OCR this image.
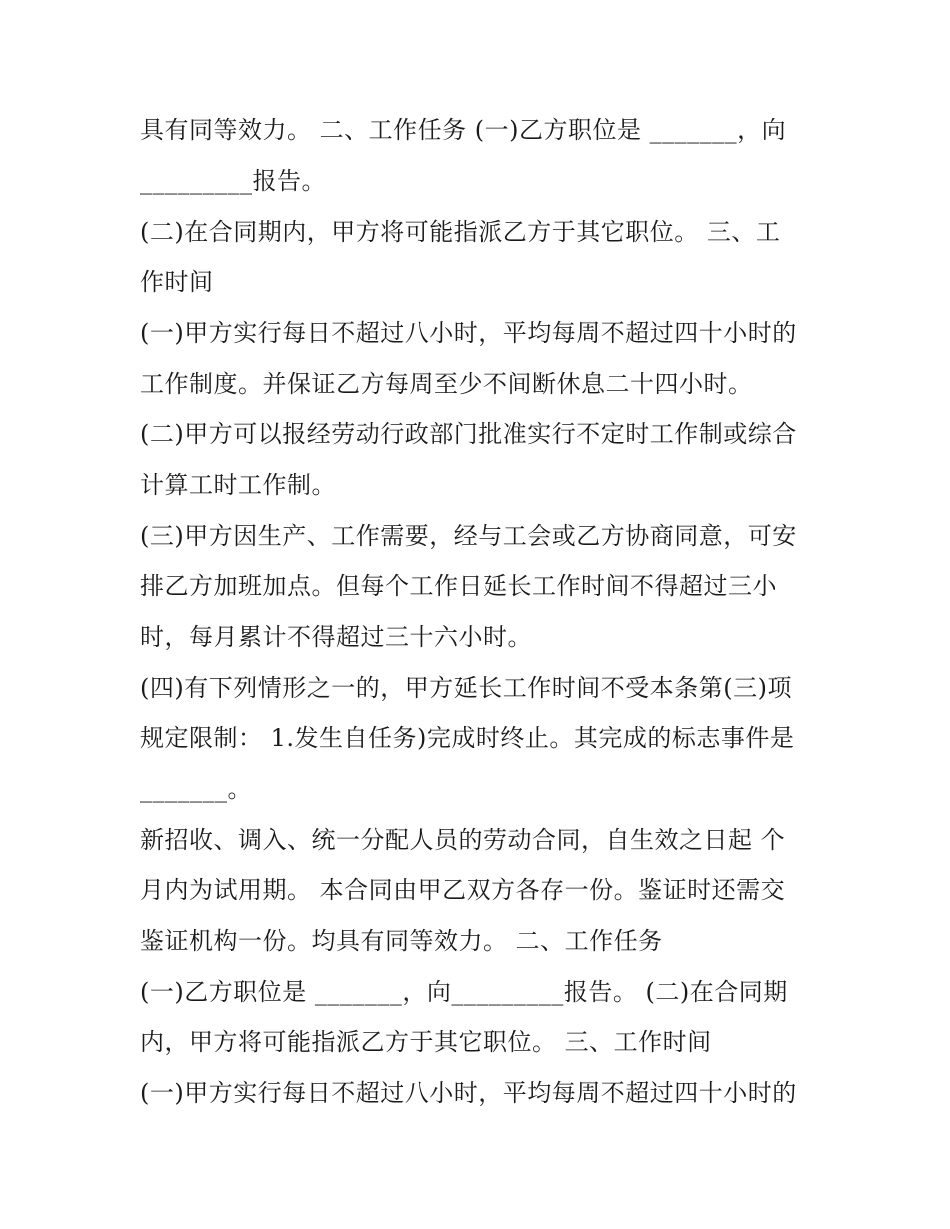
具有同等效力。 二、工作任务 (一)乙方职位是 _______，向
_________报告。
(二)在合同期内，甲方将可能指派乙方于其它职位。 三、工
作时间
(一)甲方实行每日不超过八小时，平均每周不超过四十小时的
工作制度。并保证乙方每周至少不间断休息二十四小时。
(二)甲方可以报经劳动行政部门批准实行不定时工作制或综合
计算工时工作制。
(三)甲方因生产、工作需要，经与工会或乙方协商同意，可安
排乙方加班加点。但每个工作日延长工作时间不得超过三小
时，每月累计不得超过三十六小时。
(四)有下列情形之一的，甲方延长工作时间不受本条第(三)项
规定限制： 1.发生自任务)完成时终止。其完成的标志事件是
_______。
新招收、调入、统一分配人员的劳动合同，自生效之日起 个
月内为试用期。 本合同由甲乙双方各存一份。鉴证时还需交
鉴证机构一份。均具有同等效力。 二、工作任务
(一)乙方职位是 _______，向_________报告。 (二)在合同期
内，甲方将可能指派乙方于其它职位。 三、工作时间
(一)甲方实行每日不超过八小时，平均每周不超过四十小时的
